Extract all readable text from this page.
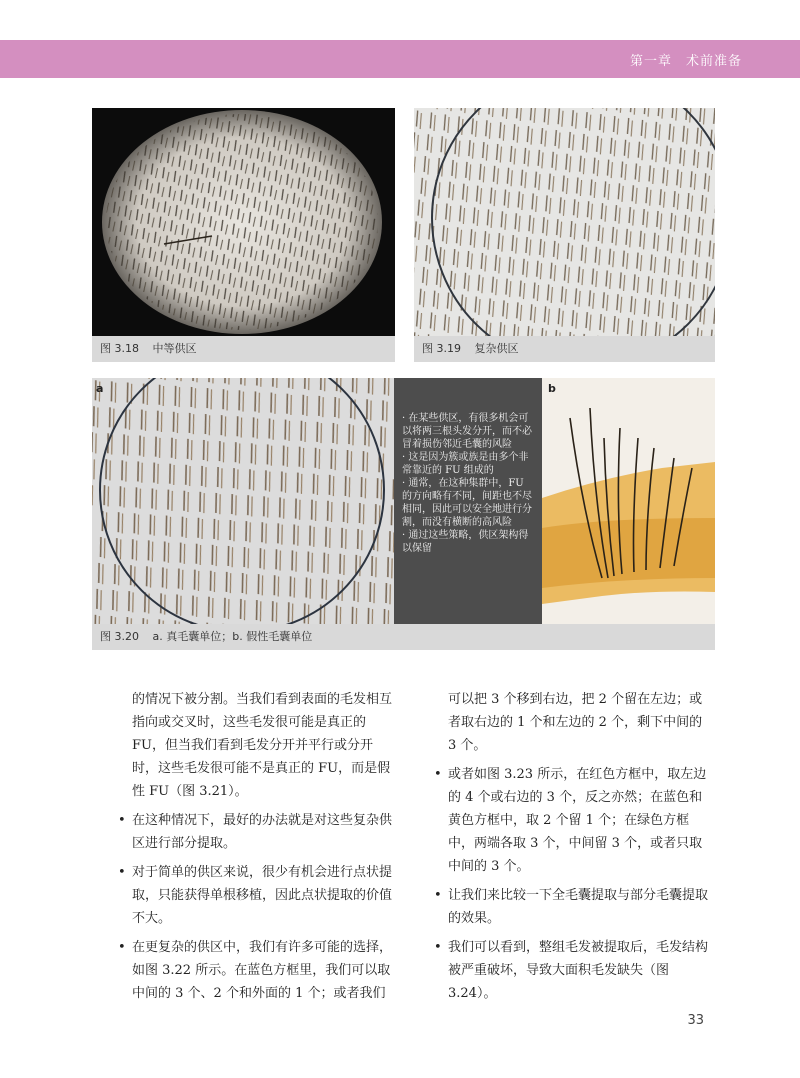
第一章　术前准备
图 3.18 中等供区	图 3.19 复杂供区
a
· 在某些供区，有很多机会可以将两三根头发分开，而不必冒着损伤邻近毛囊的风险
· 这是因为簇或族是由多个非常靠近的 FU 组成的
· 通常，在这种集群中，FU 的方向略有不同，间距也不尽相同，因此可以安全地进行分割，而没有横断的高风险
· 通过这些策略，供区架构得以保留
b
图 3.20 a. 真毛囊单位；b. 假性毛囊单位

的情况下被分割。当我们看到表面的毛发相互指向或交叉时，这些毛发很可能是真正的 FU，但当我们看到毛发分开并平行或分开时，这些毛发很可能不是真正的 FU，而是假性 FU（图 3.21）。

• 在这种情况下，最好的办法就是对这些复杂供区进行部分提取。

• 对于简单的供区来说，很少有机会进行点状提取，只能获得单根移植，因此点状提取的价值不大。

• 在更复杂的供区中，我们有许多可能的选择，如图 3.22 所示。在蓝色方框里，我们可以取中间的 3 个、2 个和外面的 1 个；或者我们

可以把 3 个移到右边，把 2 个留在左边；或者取右边的 1 个和左边的 2 个，剩下中间的 3 个。

• 或者如图 3.23 所示，在红色方框中，取左边的 4 个或右边的 3 个，反之亦然；在蓝色和黄色方框中，取 2 个留 1 个；在绿色方框中，两端各取 3 个，中间留 3 个，或者只取中间的 3 个。

• 让我们来比较一下全毛囊提取与部分毛囊提取的效果。

• 我们可以看到，整组毛发被提取后，毛发结构被严重破坏，导致大面积毛发缺失（图 3.24）。

33
